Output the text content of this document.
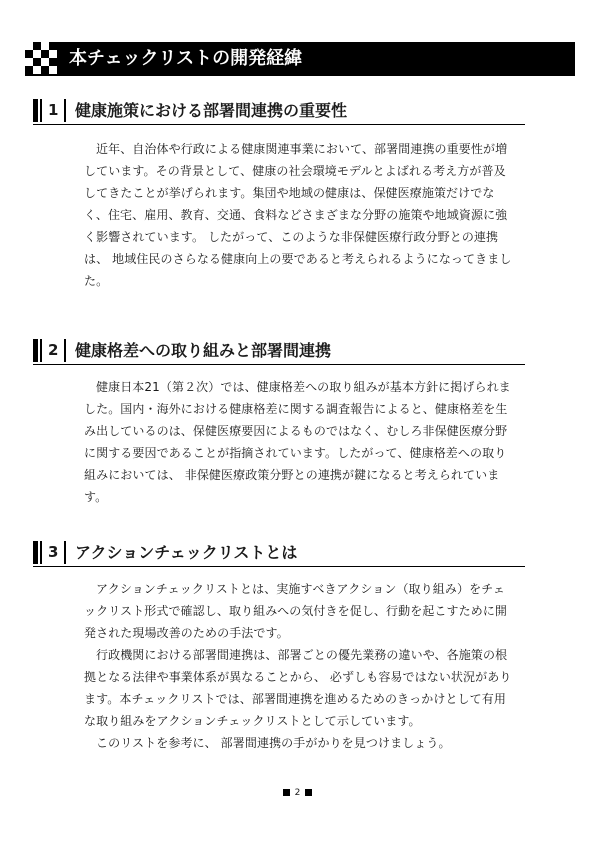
本チェックリストの開発経緯
1 健康施策における部署間連携の重要性

近年、自治体や行政による健康関連事業において、部署間連携の重要性が増しています。その背景として、健康の社会環境モデルとよばれる考え方が普及してきたことが挙げられます。集団や地域の健康は、保健医療施策だけでなく、住宅、雇用、教育、交通、食料などさまざまな分野の施策や地域資源に強く影響されています。 したがって、このような非保健医療行政分野との連携は、 地域住民のさらなる健康向上の要であると考えられるようになってきました。

2 健康格差への取り組みと部署間連携

健康日本21（第２次）では、健康格差への取り組みが基本方針に掲げられました。国内・海外における健康格差に関する調査報告によると、健康格差を生み出しているのは、保健医療要因によるものではなく、むしろ非保健医療分野に関する要因であることが指摘されています。したがって、健康格差への取り組みにおいては、 非保健医療政策分野との連携が鍵になると考えられています。

3 アクションチェックリストとは

アクションチェックリストとは、実施すべきアクション（取り組み）をチェックリスト形式で確認し、取り組みへの気付きを促し、行動を起こすために開発された現場改善のための手法です。

行政機関における部署間連携は、部署ごとの優先業務の違いや、各施策の根拠となる法律や事業体系が異なることから、 必ずしも容易ではない状況があります。本チェックリストでは、部署間連携を進めるためのきっかけとして有用な取り組みをアクションチェックリストとして示しています。

このリストを参考に、 部署間連携の手がかりを見つけましょう。

2
